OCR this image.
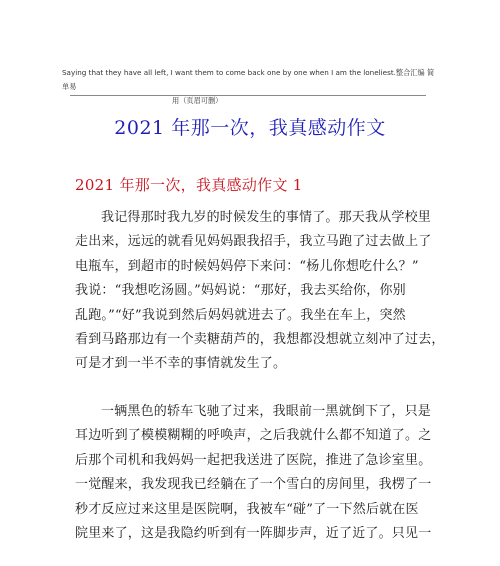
Saying that they have all left, I want them to come back one by one when I am the loneliest.整合汇编 简单易
用（页眉可删）
2021 年那一次，我真感动作文
2021 年那一次，我真感动作文 1
我记得那时我九岁的时候发生的事情了。那天我从学校里
走出来，远远的就看见妈妈跟我招手，我立马跑了过去做上了
电瓶车，到超市的时候妈妈停下来问：“杨儿你想吃什么？”
我说：“我想吃汤圆。”妈妈说：“那好，我去买给你，你别
乱跑。”“好”我说到然后妈妈就进去了。我坐在车上，突然
看到马路那边有一个卖糖葫芦的，我想都没想就立刻冲了过去，
可是才到一半不幸的事情就发生了。
一辆黑色的轿车飞驰了过来，我眼前一黑就倒下了，只是
耳边听到了模模糊糊的呼唤声，之后我就什么都不知道了。之
后那个司机和我妈妈一起把我送进了医院，推进了急诊室里。
一觉醒来，我发现我已经躺在了一个雪白的房间里，我楞了一
秒才反应过来这里是医院啊，我被车“碰”了一下然后就在医
院里来了，这是我隐约听到有一阵脚步声，近了近了。只见一
